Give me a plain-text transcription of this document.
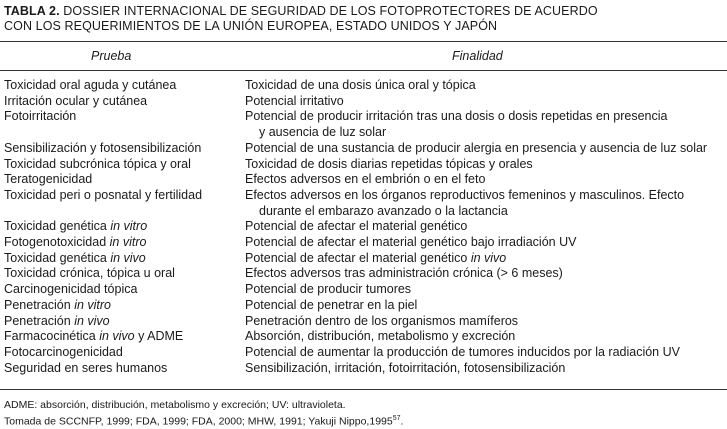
TABLA 2. DOSSIER INTERNACIONAL DE SEGURIDAD DE LOS FOTOPROTECTORES DE ACUERDO
CON LOS REQUERIMIENTOS DE LA UNIÓN EUROPEA, ESTADO UNIDOS Y JAPÓN
Prueba	Finalidad
Toxicidad oral aguda y cutánea	Toxicidad de una dosis única oral y tópica

Irritación ocular y cutánea	Potencial irritativo

Fotoirritación	Potencial de producir irritación tras una dosis o dosis repetidas en presencia
y ausencia de luz solar

Sensibilización y fotosensibilización	Potencial de una sustancia de producir alergia en presencia y ausencia de luz solar

Toxicidad subcrónica tópica y oral	Toxicidad de dosis diarias repetidas tópicas y orales

Teratogenicidad	Efectos adversos en el embrión o en el feto

Toxicidad peri o posnatal y fertilidad	Efectos adversos en los órganos reproductivos femeninos y masculinos. Efecto
durante el embarazo avanzado o la lactancia

Toxicidad genética in vitro	Potencial de afectar el material genético

Fotogenotoxicidad in vitro	Potencial de afectar el material genético bajo irradiación UV

Toxicidad genética in vivo	Potencial de afectar el material genético in vivo

Toxicidad crónica, tópica u oral	Efectos adversos tras administración crónica (> 6 meses)

Carcinogenicidad tópica	Potencial de producir tumores

Penetración in vitro	Potencial de penetrar en la piel

Penetración in vivo	Penetración dentro de los organismos mamíferos

Farmacocinética in vivo y ADME	Absorción, distribución, metabolismo y excreción

Fotocarcinogenicidad	Potencial de aumentar la producción de tumores inducidos por la radiación UV

Seguridad en seres humanos	Sensibilización, irritación, fotoirritación, fotosensibilización
ADME: absorción, distribución, metabolismo y excreción; UV: ultravioleta.
Tomada de SCCNFP, 1999; FDA, 1999; FDA, 2000; MHW, 1991; Yakuji Nippo,1995$^{57}$.
